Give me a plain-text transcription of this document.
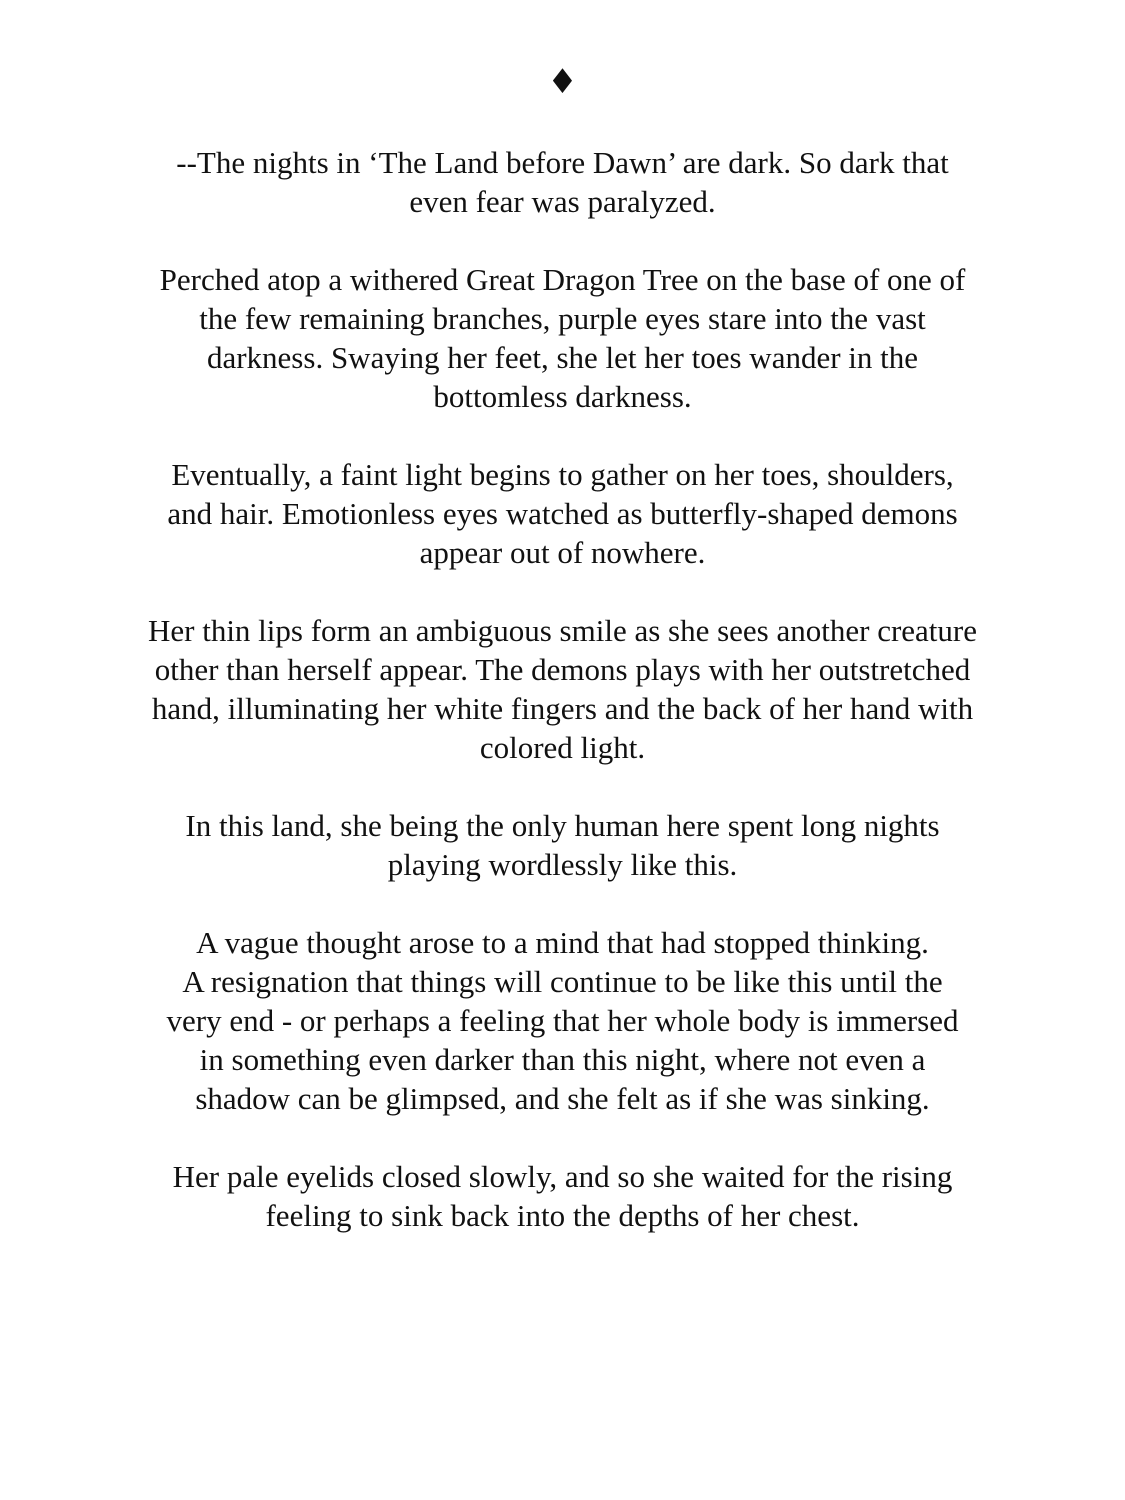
♦

--The nights in ‘The Land before Dawn’ are dark. So dark that
even fear was paralyzed.

Perched atop a withered Great Dragon Tree on the base of one of
the few remaining branches, purple eyes stare into the vast
darkness. Swaying her feet, she let her toes wander in the
bottomless darkness.

Eventually, a faint light begins to gather on her toes, shoulders,
and hair. Emotionless eyes watched as butterfly-shaped demons
appear out of nowhere.

Her thin lips form an ambiguous smile as she sees another creature
other than herself appear. The demons plays with her outstretched
hand, illuminating her white fingers and the back of her hand with
colored light.

In this land, she being the only human here spent long nights
playing wordlessly like this.

A vague thought arose to a mind that had stopped thinking.
A resignation that things will continue to be like this until the
very end - or perhaps a feeling that her whole body is immersed
in something even darker than this night, where not even a
shadow can be glimpsed, and she felt as if she was sinking.

Her pale eyelids closed slowly, and so she waited for the rising
feeling to sink back into the depths of her chest.
